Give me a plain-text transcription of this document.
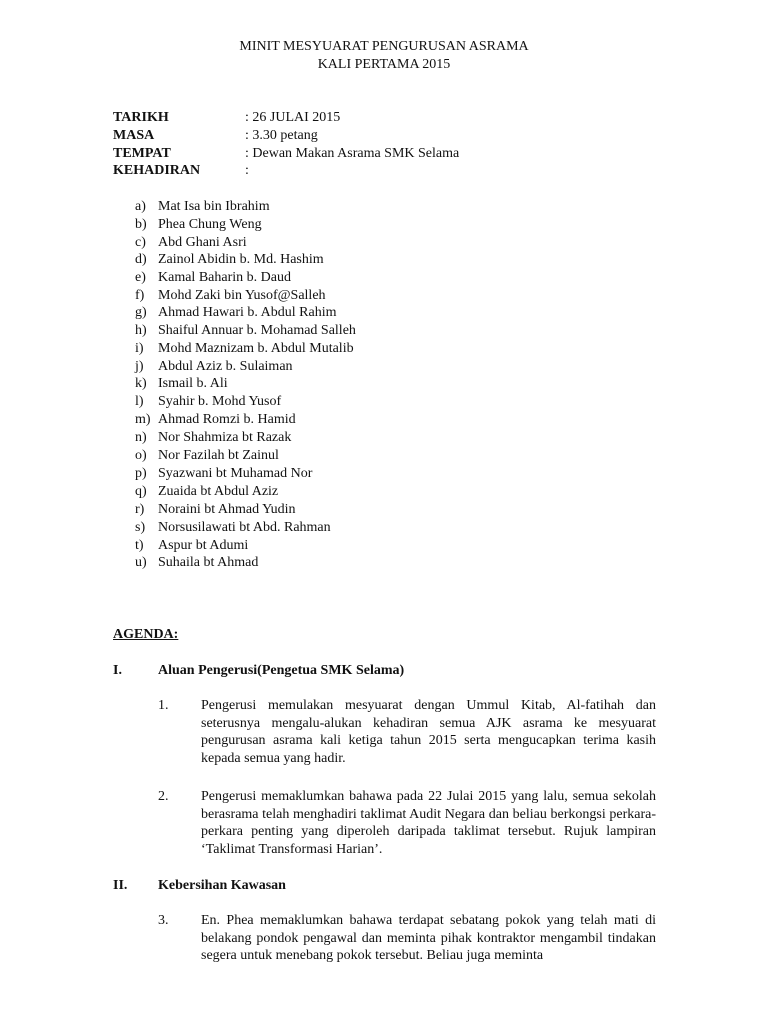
MINIT MESYUARAT PENGURUSAN ASRAMA
KALI PERTAMA 2015
TARIKH	: 26 JULAI 2015
MASA	: 3.30 petang
TEMPAT	: Dewan Makan Asrama SMK Selama
KEHADIRAN	:
a) Mat Isa bin Ibrahim
b) Phea Chung Weng
c) Abd Ghani Asri
d) Zainol Abidin b. Md. Hashim
e) Kamal Baharin b. Daud
f) Mohd Zaki bin Yusof@Salleh
g) Ahmad Hawari b. Abdul Rahim
h) Shaiful Annuar b. Mohamad Salleh
i) Mohd Maznizam b. Abdul Mutalib
j) Abdul Aziz b. Sulaiman
k) Ismail b. Ali
l) Syahir b. Mohd Yusof
m) Ahmad Romzi b. Hamid
n) Nor Shahmiza bt Razak
o) Nor Fazilah bt Zainul
p) Syazwani bt Muhamad Nor
q) Zuaida bt Abdul Aziz
r) Noraini bt Ahmad Yudin
s) Norsusilawati bt Abd. Rahman
t) Aspur bt Adumi
u) Suhaila bt Ahmad
AGENDA:
I.	Aluan Pengerusi(Pengetua SMK Selama)
1. Pengerusi memulakan mesyuarat dengan Ummul Kitab, Al-fatihah dan seterusnya mengalu-alukan kehadiran semua AJK asrama ke mesyuarat pengurusan asrama kali ketiga tahun 2015 serta mengucapkan terima kasih kepada semua yang hadir.
2. Pengerusi memaklumkan bahawa pada 22 Julai 2015 yang lalu, semua sekolah berasrama telah menghadiri taklimat Audit Negara dan beliau berkongsi perkara-perkara penting yang diperoleh daripada taklimat tersebut. Rujuk lampiran ‘Taklimat Transformasi Harian’.
II. Kebersihan Kawasan
3. En. Phea memaklumkan bahawa terdapat sebatang pokok yang telah mati di belakang pondok pengawal dan meminta pihak kontraktor mengambil tindakan segera untuk menebang pokok tersebut. Beliau juga meminta
